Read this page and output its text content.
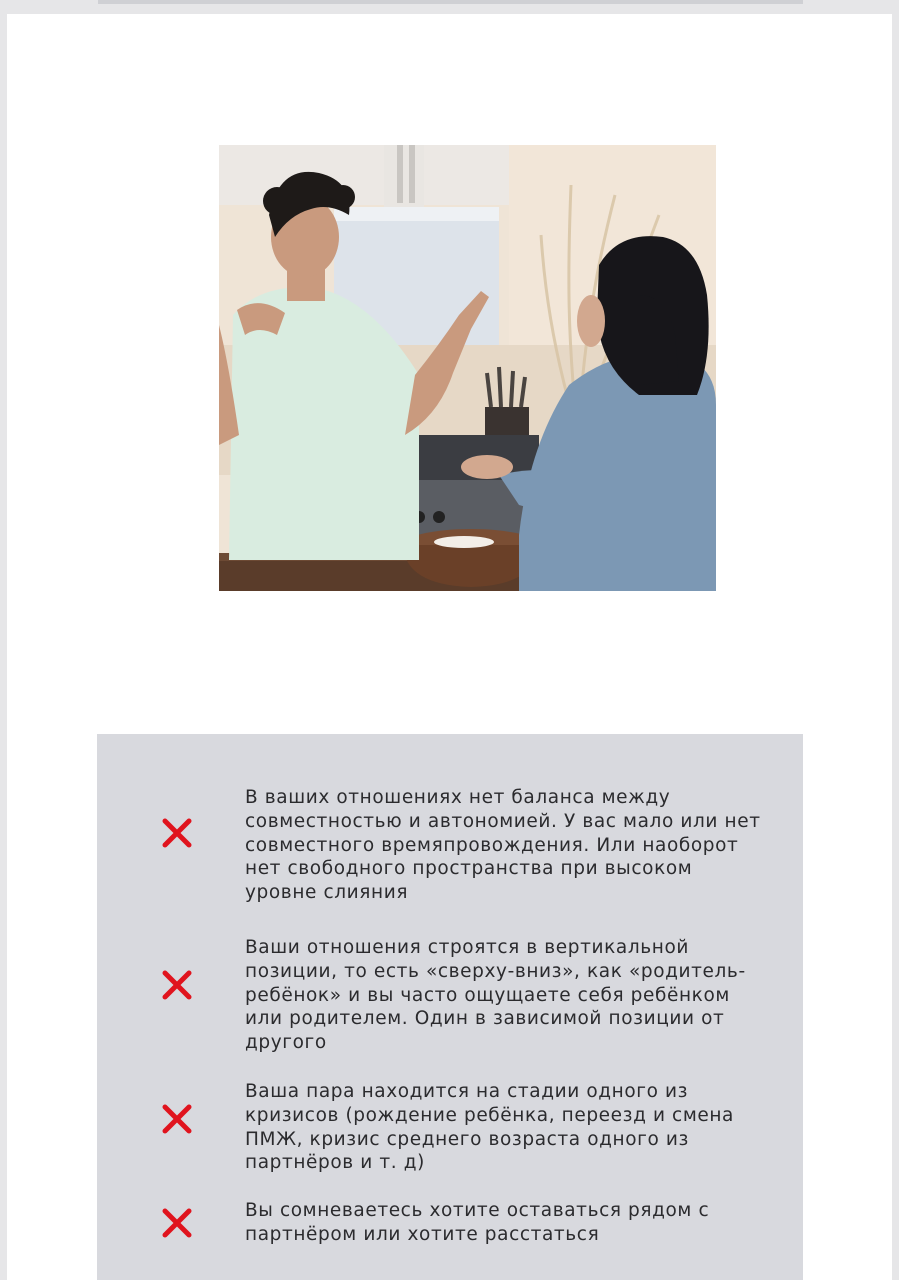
В ваших отношениях нет баланса между совместностью и автономией. У вас мало или нет совместного времяпровождения. Или наоборот нет свободного пространства при высоком уровне слияния
Ваши отношения строятся в вертикальной позиции, то есть «сверху-вниз», как «родитель-ребёнок» и вы часто ощущаете себя ребёнком или родителем. Один в зависимой позиции от другого
Ваша пара находится на стадии одного из кризисов (рождение ребёнка, переезд и смена ПМЖ, кризис среднего возраста одного из партнёров и т. д)
Вы сомневаетесь хотите оставаться рядом с партнёром или хотите расстаться
